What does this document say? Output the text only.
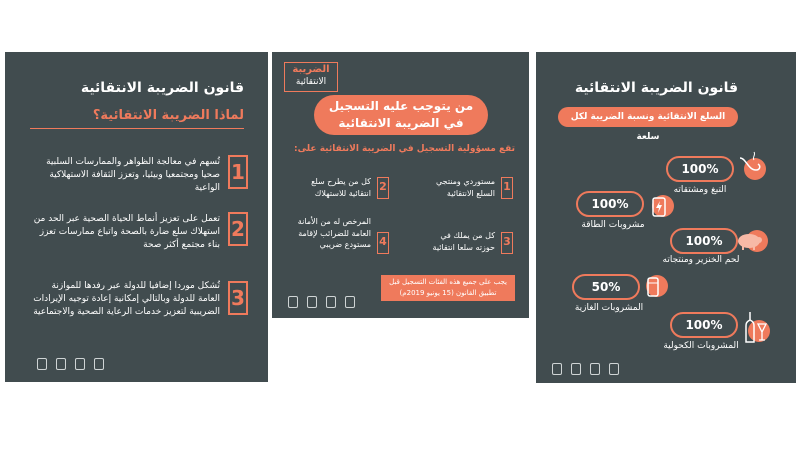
قانون الضريبة الانتقائية
لماذا الضريبة الانتقائية؟
1
تُسهم في معالجة الظواهر والممارسات السلبية صحيا ومجتمعيا وبيئيا، وتعزز الثقافة الاستهلاكية الواعية
2
تعمل على تعزيز أنماط الحياة الصحية عبر الحد من استهلاك سلع ضارة بالصحة واتباع ممارسات تعزز بناء مجتمع أكثر صحة
3
تُشكل موردا إضافيا للدولة عبر رفدها للموازنة العامة للدولة وبالتالي إمكانية إعادة توجيه الإيرادات الضريبية لتعزيز خدمات الرعاية الصحية والاجتماعية
الضريبة
الانتقائية
من يتوجب عليه التسجيل
في الضريبة الانتقائية
تقع مسؤولية التسجيل في الضريبة الانتقائية على:
1
مستوردي ومنتجي السلع الانتقائية
2
كل من يطرح سلع انتقائية للاستهلاك
3
كل من يملك في حوزته سلعا انتقائية
4
المرخص له من الأمانة العامة للضرائب لإقامة مستودع ضريبي
يجب على جميع هذه الفئات التسجيل قبل تطبيق القانون (15 يونيو 2019م)
قانون الضريبة الانتقائية
السلع الانتقائية ونسبة الضريبة لكل سلعة
100%
التبغ ومشتقاته
100%
مشروبات الطاقة
100%
لحم الخنزير ومنتجاته
50%
المشروبات الغازية
100%
المشروبات الكحولية
